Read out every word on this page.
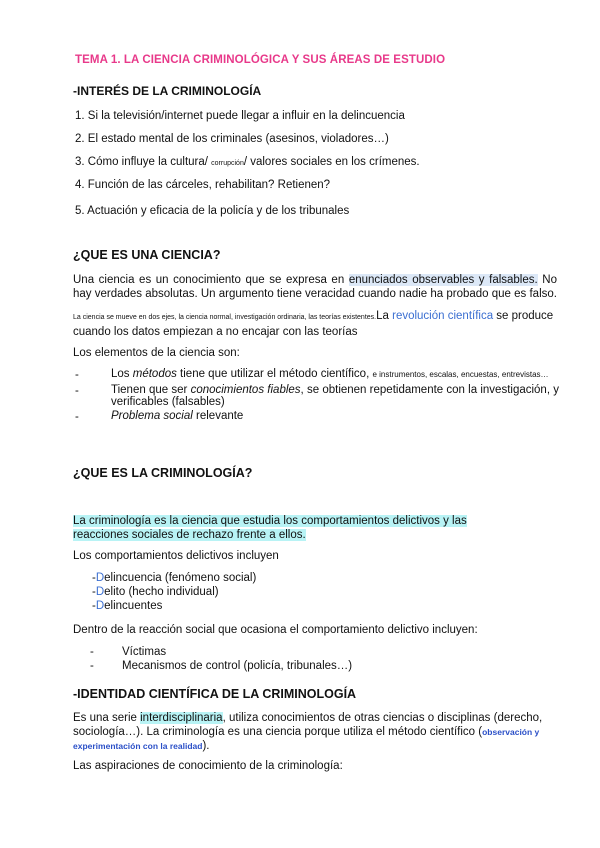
TEMA 1. LA CIENCIA CRIMINOLÓGICA Y SUS ÁREAS DE ESTUDIO
-INTERÉS DE LA CRIMINOLOGÍA
1. Si la televisión/internet puede llegar a influir en la delincuencia
2. El estado mental de los criminales (asesinos, violadores…)
3. Cómo influye la cultura/ corrupción/ valores sociales en los crímenes.
4. Función de las cárceles, rehabilitan? Retienen?
5. Actuación y eficacia de la policía y de los tribunales
¿QUE ES UNA CIENCIA?
Una ciencia es un conocimiento que se expresa en enunciados observables y falsables. No hay verdades absolutas. Un argumento tiene veracidad cuando nadie ha probado que es falso.
La ciencia se mueve en dos ejes, la ciencia normal, investigación ordinaria, las teorías existentes.La revolución científica se produce cuando los datos empiezan a no encajar con las teorías
Los elementos de la ciencia son:
-	Los métodos tiene que utilizar el método científico, e instrumentos, escalas, encuestas, entrevistas…
-	Tienen que ser conocimientos fiables, se obtienen repetidamente con la investigación, y verificables (falsables)
-	Problema social relevante
¿QUE ES LA CRIMINOLOGÍA?
La criminología es la ciencia que estudia los comportamientos delictivos y las reacciones sociales de rechazo frente a ellos.
Los comportamientos delictivos incluyen
-Delincuencia (fenómeno social)
-Delito (hecho individual)
-Delincuentes
Dentro de la reacción social que ocasiona el comportamiento delictivo incluyen:
- Víctimas
- Mecanismos de control (policía, tribunales…)
-IDENTIDAD CIENTÍFICA DE LA CRIMINOLOGÍA
Es una serie interdisciplinaria, utiliza conocimientos de otras ciencias o disciplinas (derecho, sociología…). La criminología es una ciencia porque utiliza el método científico (observación y experimentación con la realidad).
Las aspiraciones de conocimiento de la criminología:
